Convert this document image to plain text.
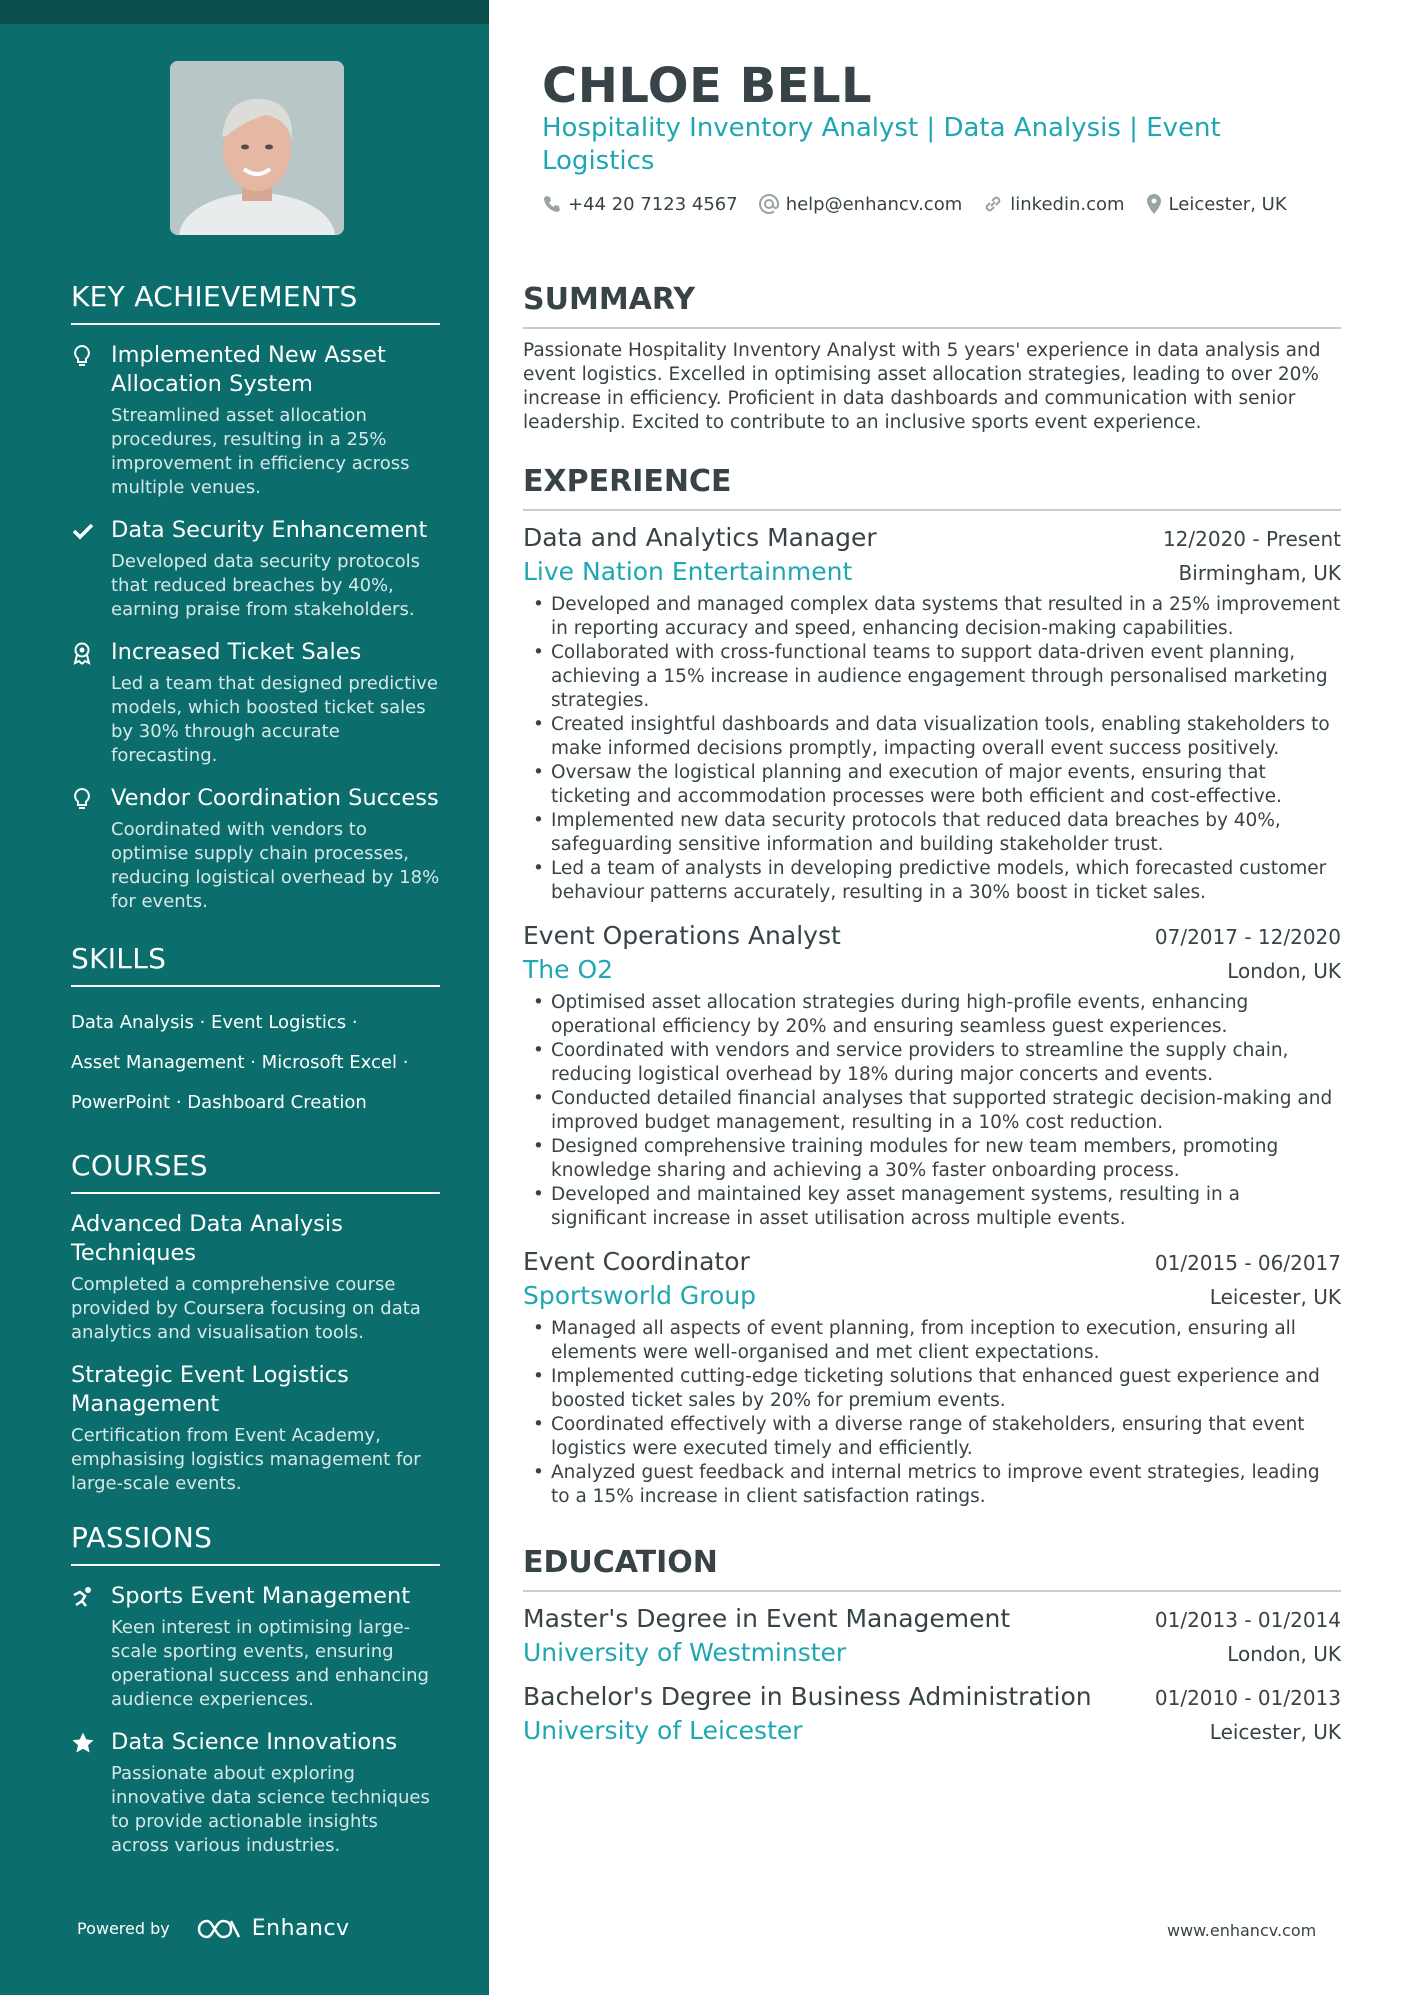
KEY ACHIEVEMENTS
Implemented New Asset Allocation System
Streamlined asset allocation procedures, resulting in a 25% improvement in efficiency across multiple venues.
Data Security Enhancement
Developed data security protocols that reduced breaches by 40%, earning praise from stakeholders.
Increased Ticket Sales
Led a team that designed predictive models, which boosted ticket sales by 30% through accurate forecasting.
Vendor Coordination Success
Coordinated with vendors to optimise supply chain processes, reducing logistical overhead by 18% for events.
SKILLS
Data Analysis · Event Logistics ·
Asset Management · Microsoft Excel ·
PowerPoint · Dashboard Creation
COURSES
Advanced Data Analysis Techniques
Completed a comprehensive course provided by Coursera focusing on data analytics and visualisation tools.
Strategic Event Logistics Management
Certification from Event Academy, emphasising logistics management for large-scale events.
PASSIONS
Sports Event Management
Keen interest in optimising large-scale sporting events, ensuring operational success and enhancing audience experiences.
Data Science Innovations
Passionate about exploring innovative data science techniques to provide actionable insights across various industries.
Powered by	Enhancv
CHLOE BELL
Hospitality Inventory Analyst | Data Analysis | Event Logistics
+44 20 7123 4567	help@enhancv.com	linkedin.com Leicester, UK
SUMMARY

Passionate Hospitality Inventory Analyst with 5 years' experience in data analysis and event logistics. Excelled in optimising asset allocation strategies, leading to over 20% increase in efficiency. Proficient in data dashboards and communication with senior leadership. Excited to contribute to an inclusive sports event experience.

EXPERIENCE
Data and Analytics Manager	12/2020 - Present
Live Nation Entertainment	Birmingham, UK
• Developed and managed complex data systems that resulted in a 25% improvement in reporting accuracy and speed, enhancing decision-making capabilities.
• Collaborated with cross-functional teams to support data-driven event planning, achieving a 15% increase in audience engagement through personalised marketing strategies.
• Created insightful dashboards and data visualization tools, enabling stakeholders to make informed decisions promptly, impacting overall event success positively.
• Oversaw the logistical planning and execution of major events, ensuring that ticketing and accommodation processes were both efficient and cost-effective.
• Implemented new data security protocols that reduced data breaches by 40%, safeguarding sensitive information and building stakeholder trust.
• Led a team of analysts in developing predictive models, which forecasted customer behaviour patterns accurately, resulting in a 30% boost in ticket sales.
Event Operations Analyst	07/2017 - 12/2020
The O2	London, UK
• Optimised asset allocation strategies during high-profile events, enhancing operational efficiency by 20% and ensuring seamless guest experiences.
• Coordinated with vendors and service providers to streamline the supply chain, reducing logistical overhead by 18% during major concerts and events.
• Conducted detailed financial analyses that supported strategic decision-making and improved budget management, resulting in a 10% cost reduction.
• Designed comprehensive training modules for new team members, promoting knowledge sharing and achieving a 30% faster onboarding process.
• Developed and maintained key asset management systems, resulting in a significant increase in asset utilisation across multiple events.
Event Coordinator	01/2015 - 06/2017
Sportsworld Group	Leicester, UK
• Managed all aspects of event planning, from inception to execution, ensuring all elements were well-organised and met client expectations.
• Implemented cutting-edge ticketing solutions that enhanced guest experience and boosted ticket sales by 20% for premium events.
• Coordinated effectively with a diverse range of stakeholders, ensuring that event logistics were executed timely and efficiently.
• Analyzed guest feedback and internal metrics to improve event strategies, leading to a 15% increase in client satisfaction ratings.
EDUCATION
Master's Degree in Event Management	01/2013 - 01/2014
University of Westminster	London, UK
Bachelor's Degree in Business Administration	01/2010 - 01/2013
University of Leicester	Leicester, UK
www.enhancv.com
